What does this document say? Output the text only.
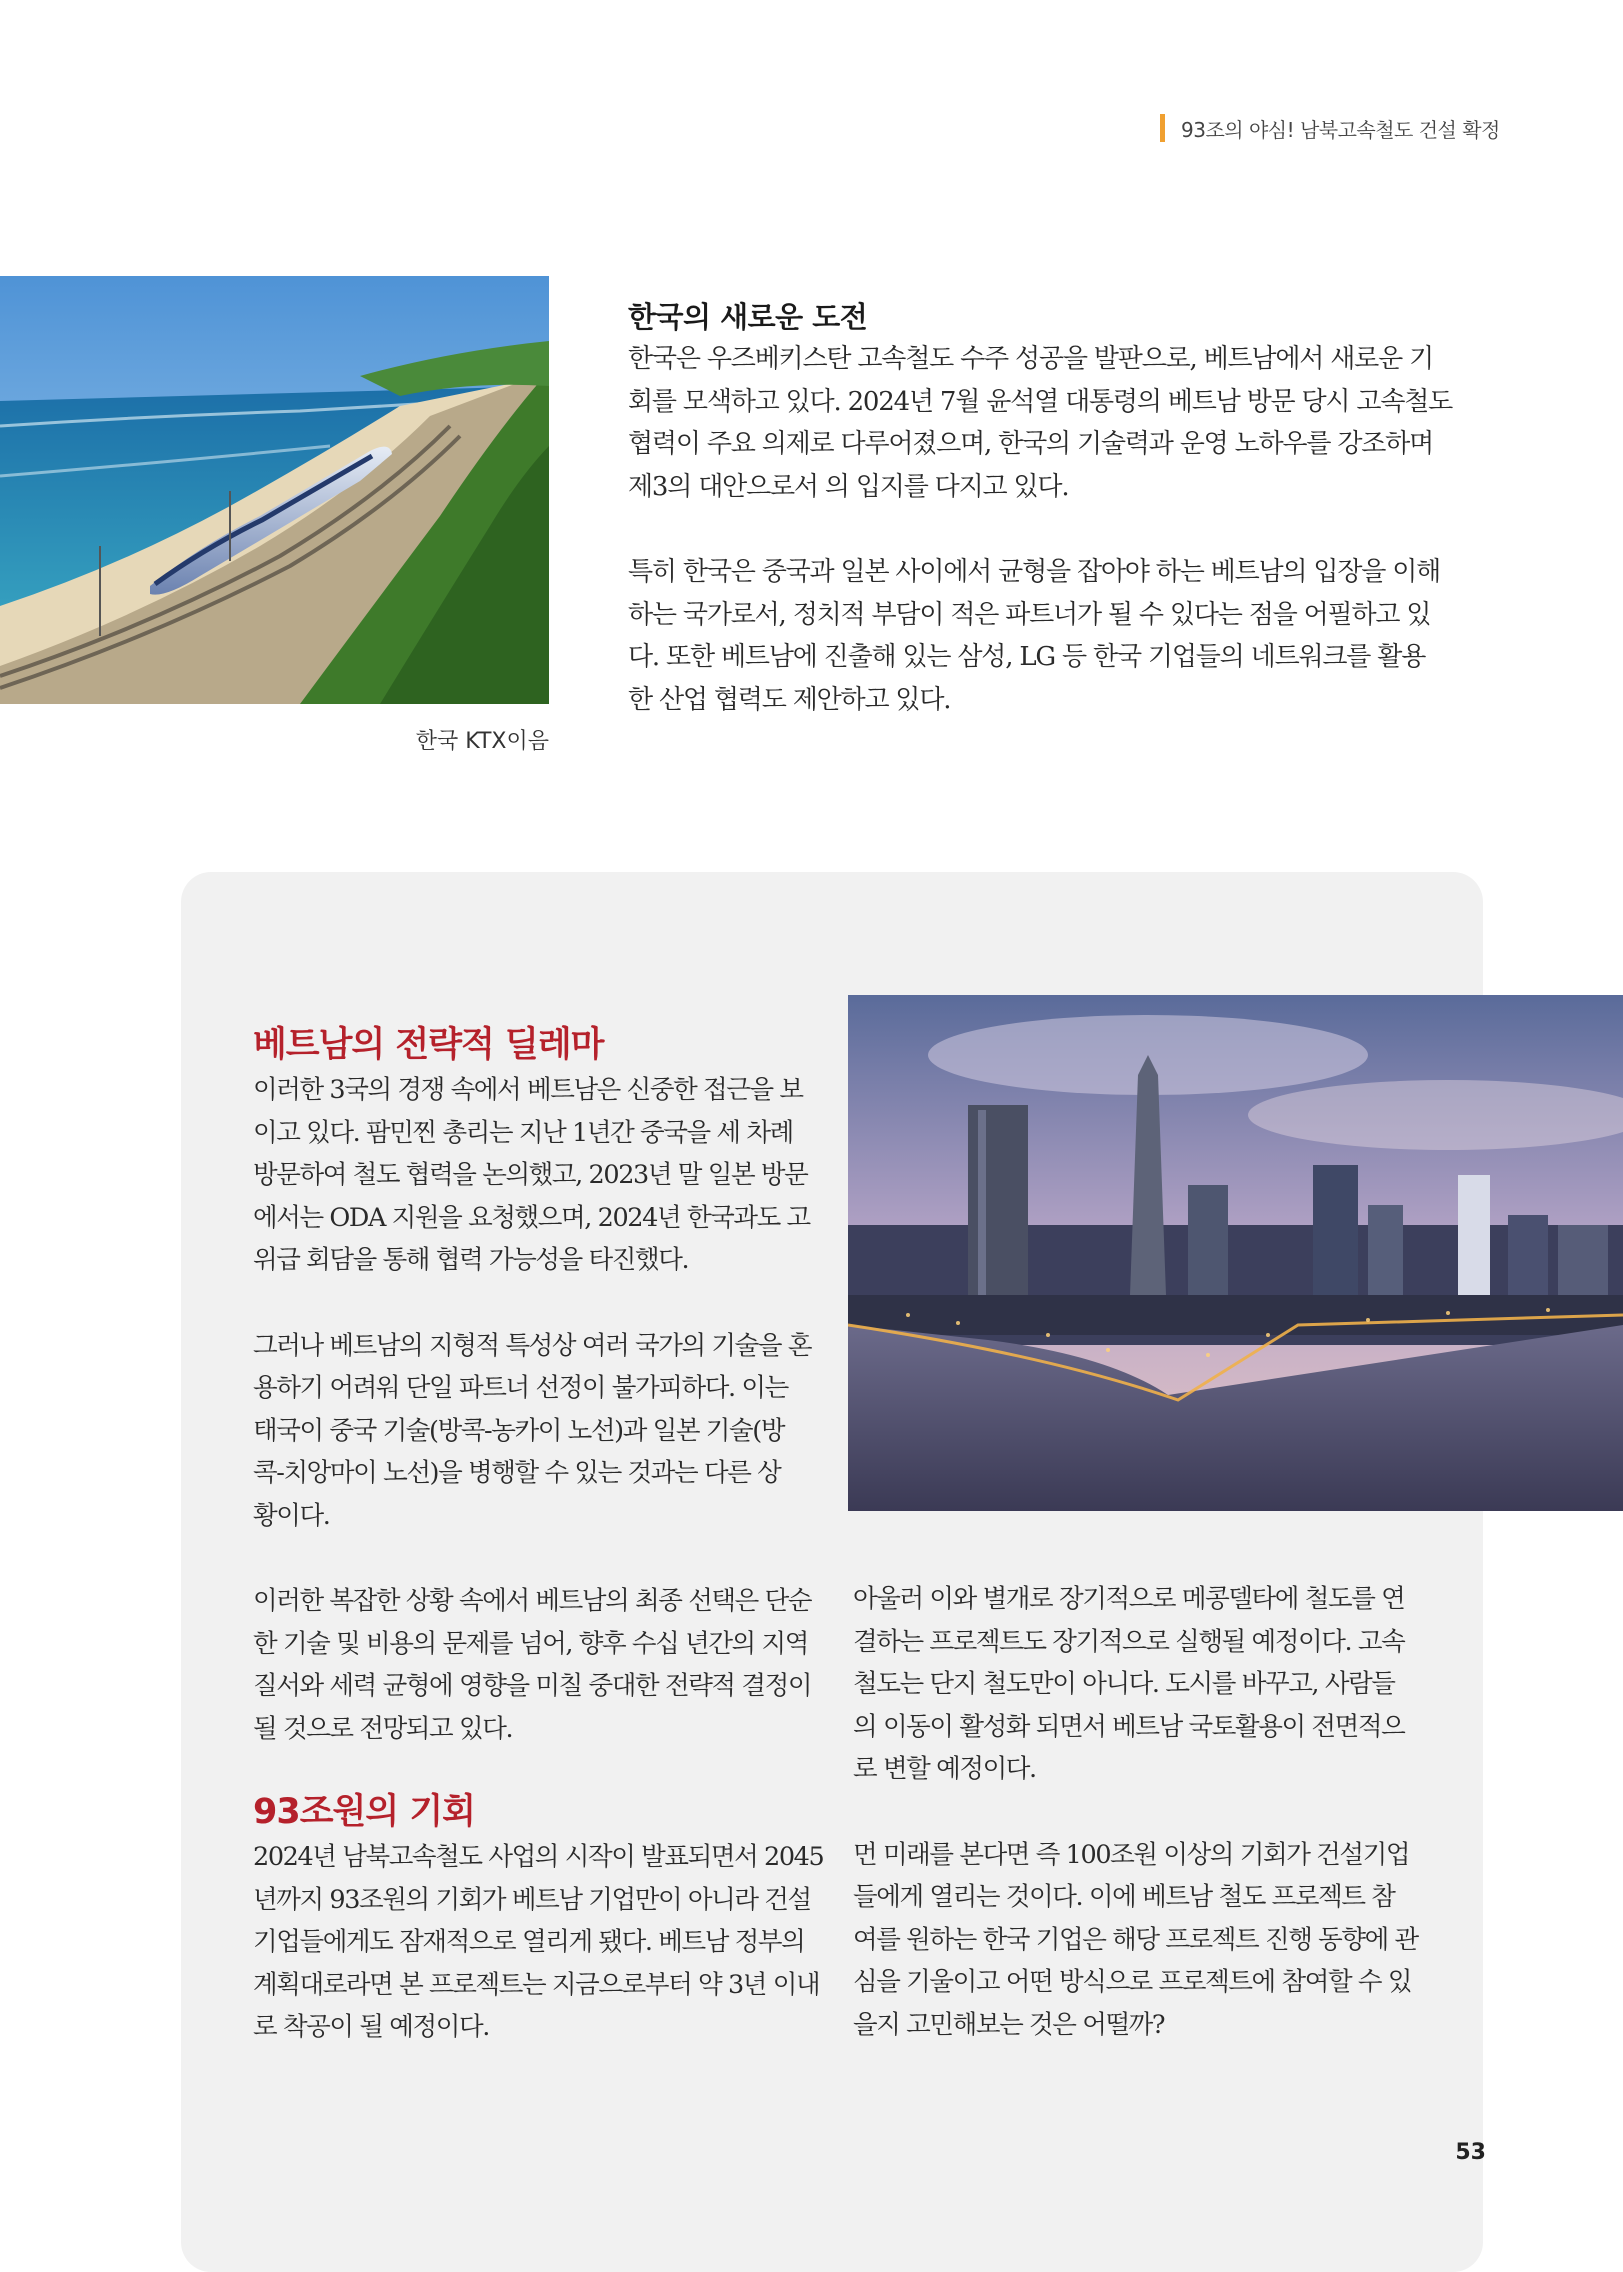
93조의 야심! 남북고속철도 건설 확정
한국 KTX이음
한국의 새로운 도전

한국은 우즈베키스탄 고속철도 수주 성공을 발판으로, 베트남에서 새로운 기
회를 모색하고 있다. 2024년 7월 윤석열 대통령의 베트남 방문 당시 고속철도
협력이 주요 의제로 다루어졌으며, 한국의 기술력과 운영 노하우를 강조하며
제3의 대안으로서 의 입지를 다지고 있다.

특히 한국은 중국과 일본 사이에서 균형을 잡아야 하는 베트남의 입장을 이해
하는 국가로서, 정치적 부담이 적은 파트너가 될 수 있다는 점을 어필하고 있
다. 또한 베트남에 진출해 있는 삼성, LG 등 한국 기업들의 네트워크를 활용
한 산업 협력도 제안하고 있다.

베트남의 전략적 딜레마

이러한 3국의 경쟁 속에서 베트남은 신중한 접근을 보
이고 있다. 팜민찐 총리는 지난 1년간 중국을 세 차례
방문하여 철도 협력을 논의했고, 2023년 말 일본 방문
에서는 ODA 지원을 요청했으며, 2024년 한국과도 고
위급 회담을 통해 협력 가능성을 타진했다.

그러나 베트남의 지형적 특성상 여러 국가의 기술을 혼
용하기 어려워 단일 파트너 선정이 불가피하다. 이는
태국이 중국 기술(방콕-농카이 노선)과 일본 기술(방
콕-치앙마이 노선)을 병행할 수 있는 것과는 다른 상
황이다.

이러한 복잡한 상황 속에서 베트남의 최종 선택은 단순
한 기술 및 비용의 문제를 넘어, 향후 수십 년간의 지역
질서와 세력 균형에 영향을 미칠 중대한 전략적 결정이
될 것으로 전망되고 있다.

93조원의 기회

2024년 남북고속철도 사업의 시작이 발표되면서 2045
년까지 93조원의 기회가 베트남 기업만이 아니라 건설
기업들에게도 잠재적으로 열리게 됐다. 베트남 정부의
계획대로라면 본 프로젝트는 지금으로부터 약 3년 이내
로 착공이 될 예정이다.

아울러 이와 별개로 장기적으로 메콩델타에 철도를 연
결하는 프로젝트도 장기적으로 실행될 예정이다. 고속
철도는 단지 철도만이 아니다. 도시를 바꾸고, 사람들
의 이동이 활성화 되면서 베트남 국토활용이 전면적으
로 변할 예정이다.

먼 미래를 본다면 즉 100조원 이상의 기회가 건설기업
들에게 열리는 것이다. 이에 베트남 철도 프로젝트 참
여를 원하는 한국 기업은 해당 프로젝트 진행 동향에 관
심을 기울이고 어떤 방식으로 프로젝트에 참여할 수 있
을지 고민해보는 것은 어떨까?

53
